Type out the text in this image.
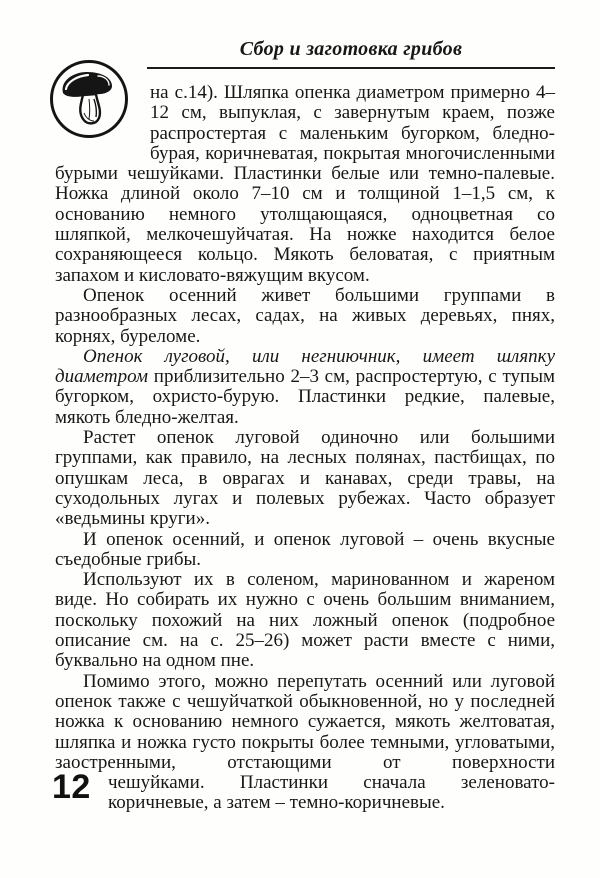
Сбор и заготовка грибов

на с.14). Шляпка опенка диаметром примерно 4–12 см, выпуклая, с завернутым краем, позже распростертая с маленьким бугорком, бледно-бурая, коричневатая, покрытая многочисленными бурыми чешуйками. Пластинки белые или темно-палевые. Ножка длиной около 7–10 см и толщиной 1–1,5 см, к основанию немного утолщающаяся, одноцветная со шляпкой, мелкочешуйчатая. На ножке находится белое сохраняющееся кольцо. Мякоть беловатая, с приятным запахом и кисловато-вяжущим вкусом.

Опенок осенний живет большими группами в разнообразных лесах, садах, на живых деревьях, пнях, корнях, буреломе.

Опенок луговой, или негниючник, имеет шляпку диаметром приблизительно 2–3 см, распростертую, с тупым бугорком, охристо-бурую. Пластинки редкие, палевые, мякоть бледно-желтая.

Растет опенок луговой одиночно или большими группами, как правило, на лесных полянах, пастбищах, по опушкам леса, в оврагах и канавах, среди травы, на суходольных лугах и полевых рубежах. Часто образует «ведьмины круги».

И опенок осенний, и опенок луговой – очень вкусные съедобные грибы.

Используют их в соленом, маринованном и жареном виде. Но собирать их нужно с очень большим вниманием, поскольку похожий на них ложный опенок (подробное описание см. на с. 25–26) может расти вместе с ними, буквально на одном пне.

Помимо этого, можно перепутать осенний или луговой опенок также с чешуйчаткой обыкновенной, но у последней ножка к основанию немного сужается, мякоть желтоватая, шляпка и ножка густо покрыты более темными, угловатыми, заостренными, отстающими от поверхности

чешуйками. Пластинки сначала зеленовато-коричневые, а затем – темно-коричневые.

12
